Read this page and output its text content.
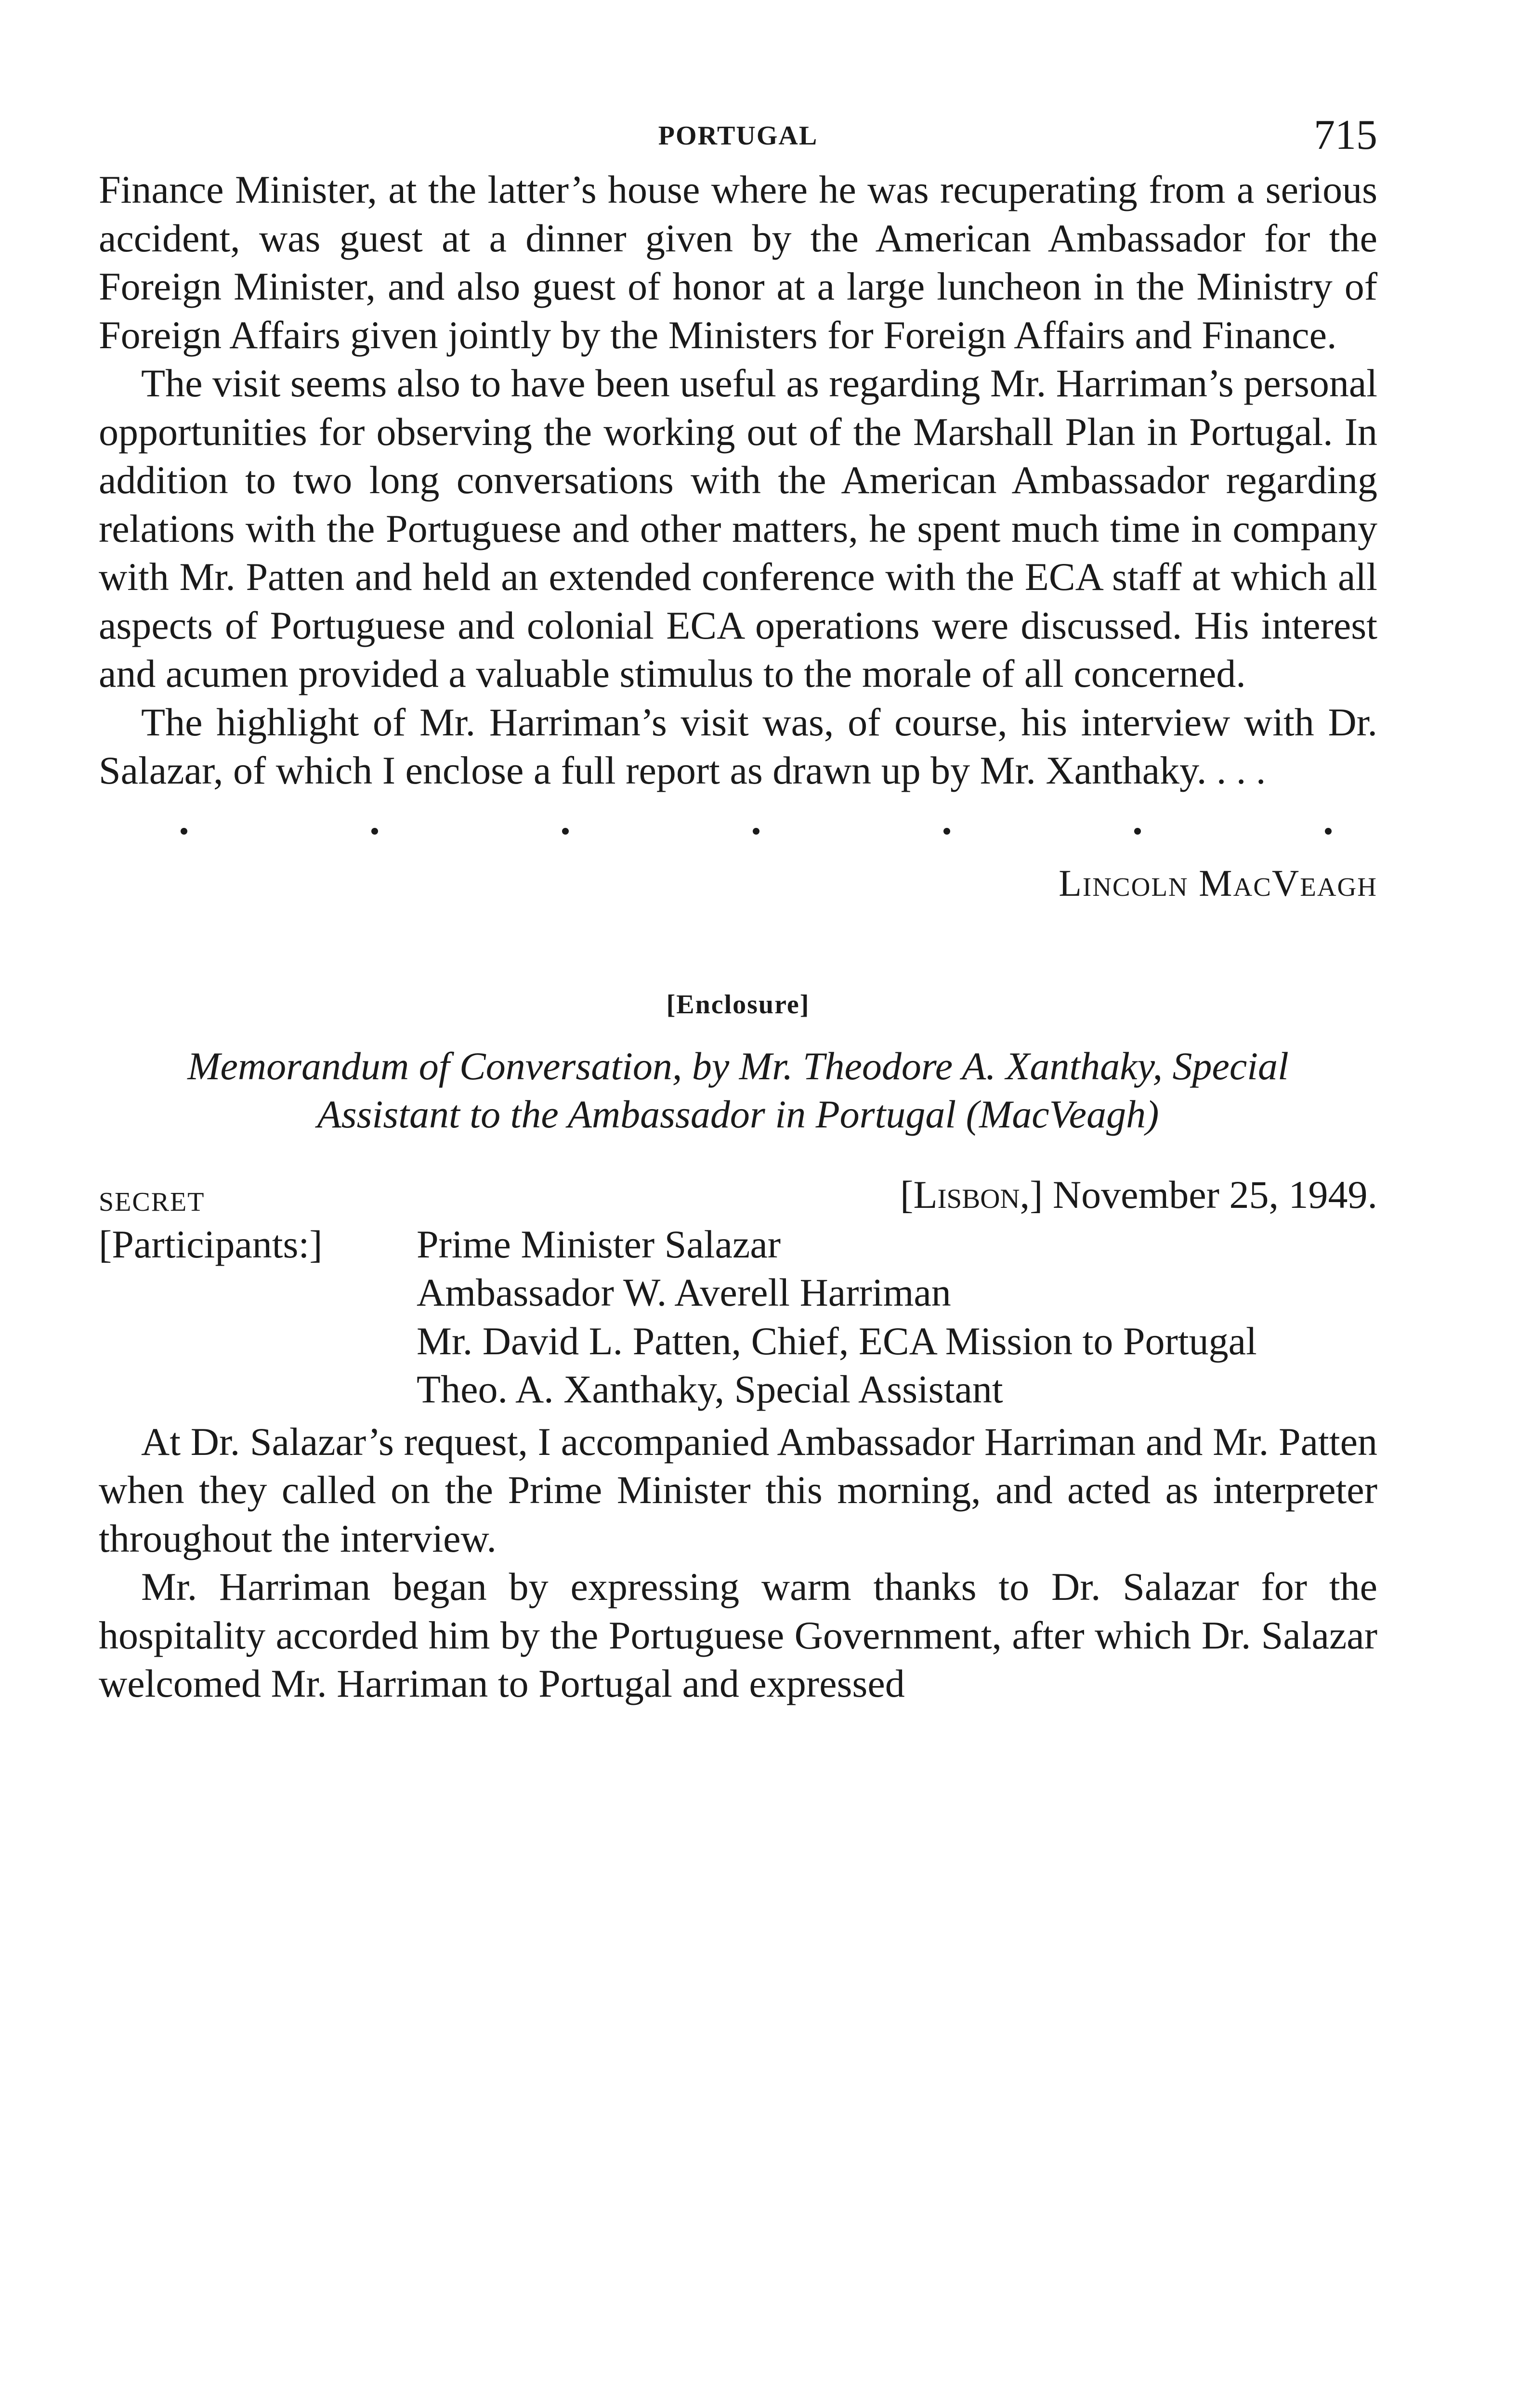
PORTUGAL	715

Finance Minister, at the latter’s house where he was recuperating from a serious accident, was guest at a dinner given by the American Ambassador for the Foreign Minister, and also guest of honor at a large luncheon in the Ministry of Foreign Affairs given jointly by the Ministers for Foreign Affairs and Finance.

The visit seems also to have been useful as regarding Mr. Harriman’s personal opportunities for observing the working out of the Marshall Plan in Portugal. In addition to two long conversations with the American Ambassador regarding relations with the Portuguese and other matters, he spent much time in company with Mr. Patten and held an extended conference with the ECA staff at which all aspects of Portuguese and colonial ECA operations were discussed. His interest and acumen provided a valuable stimulus to the morale of all concerned.

The highlight of Mr. Harriman’s visit was, of course, his interview with Dr. Salazar, of which I enclose a full report as drawn up by Mr. Xanthaky. . . .

Lincoln MacVeagh
[Enclosure]

Memorandum of Conversation, by Mr. Theodore A. Xanthaky, Special
Assistant to the Ambassador in Portugal (MacVeagh)

SECRET	[Lisbon,] November 25, 1949.
[Participants:]	Prime Minister Salazar
Ambassador W. Averell Harriman
Mr. David L. Patten, Chief, ECA Mission to Portugal
Theo. A. Xanthaky, Special Assistant

At Dr. Salazar’s request, I accompanied Ambassador Harriman and Mr. Patten when they called on the Prime Minister this morning, and acted as interpreter throughout the interview.

Mr. Harriman began by expressing warm thanks to Dr. Salazar for the hospitality accorded him by the Portuguese Government, after which Dr. Salazar welcomed Mr. Harriman to Portugal and expressed
